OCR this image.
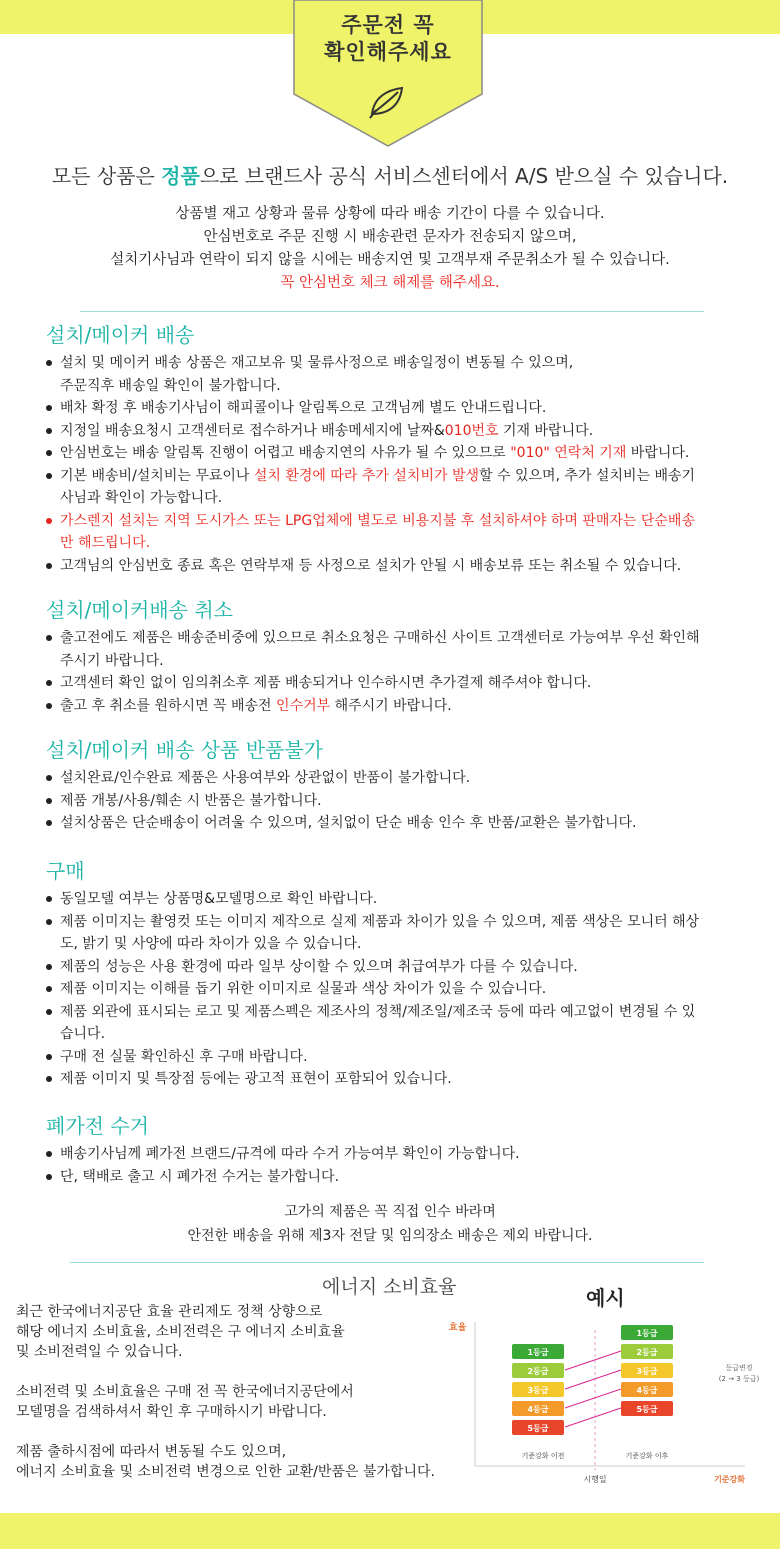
주문전 꼭
확인해주세요
모든 상품은 정품으로 브랜드사 공식 서비스센터에서 A/S 받으실 수 있습니다.
상품별 재고 상황과 물류 상황에 따라 배송 기간이 다를 수 있습니다.
안심번호로 주문 진행 시 배송관련 문자가 전송되지 않으며,
설치기사님과 연락이 되지 않을 시에는 배송지연 및 고객부재 주문취소가 될 수 있습니다.
꼭 안심번호 체크 해제를 해주세요.
설치/메이커 배송
설치 및 메이커 배송 상품은 재고보유 및 물류사정으로 배송일정이 변동될 수 있으며,
주문직후 배송일 확인이 불가합니다.
배차 확정 후 배송기사님이 해피콜이나 알림톡으로 고객님께 별도 안내드립니다.
지정일 배송요청시 고객센터로 접수하거나 배송메세지에 날짜&010번호 기재 바랍니다.
안심번호는 배송 알림톡 진행이 어렵고 배송지연의 사유가 될 수 있으므로 "010" 연락처 기재 바랍니다.
기본 배송비/설치비는 무료이나 설치 환경에 따라 추가 설치비가 발생할 수 있으며, 추가 설치비는 배송기
사님과 확인이 가능합니다.
가스렌지 설치는 지역 도시가스 또는 LPG업체에 별도로 비용지불 후 설치하셔야 하며 판매자는 단순배송
만 해드립니다.
고객님의 안심번호 종료 혹은 연락부재 등 사정으로 설치가 안될 시 배송보류 또는 취소될 수 있습니다.
설치/메이커배송 취소
출고전에도 제품은 배송준비중에 있으므로 취소요청은 구매하신 사이트 고객센터로 가능여부 우선 확인해
주시기 바랍니다.
고객센터 확인 없이 임의취소후 제품 배송되거나 인수하시면 추가결제 해주셔야 합니다.
출고 후 취소를 원하시면 꼭 배송전 인수거부 해주시기 바랍니다.
설치/메이커 배송 상품 반품불가
설치완료/인수완료 제품은 사용여부와 상관없이 반품이 불가합니다.
제품 개봉/사용/훼손 시 반품은 불가합니다.
설치상품은 단순배송이 어려울 수 있으며, 설치없이 단순 배송 인수 후 반품/교환은 불가합니다.
구매
동일모델 여부는 상품명&모델명으로 확인 바랍니다.
제품 이미지는 촬영컷 또는 이미지 제작으로 실제 제품과 차이가 있을 수 있으며, 제품 색상은 모니터 해상
도, 밝기 및 사양에 따라 차이가 있을 수 있습니다.
제품의 성능은 사용 환경에 따라 일부 상이할 수 있으며 취급여부가 다를 수 있습니다.
제품 이미지는 이해를 돕기 위한 이미지로 실물과 색상 차이가 있을 수 있습니다.
제품 외관에 표시되는 로고 및 제품스펙은 제조사의 정책/제조일/제조국 등에 따라 예고없이 변경될 수 있
습니다.
구매 전 실물 확인하신 후 구매 바랍니다.
제품 이미지 및 특장점 등에는 광고적 표현이 포함되어 있습니다.
폐가전 수거
배송기사님께 폐가전 브랜드/규격에 따라 수거 가능여부 확인이 가능합니다.
단, 택배로 출고 시 폐가전 수거는 불가합니다.
고가의 제품은 꼭 직접 인수 바라며
안전한 배송을 위해 제3자 전달 및 임의장소 배송은 제외 바랍니다.
에너지 소비효율

최근 한국에너지공단 효율 관리제도 정책 상향으로
해당 에너지 소비효율, 소비전력은 구 에너지 소비효율
및 소비전력일 수 있습니다.

소비전력 및 소비효율은 구매 전 꼭 한국에너지공단에서
모델명을 검색하셔서 확인 후 구매하시기 바랍니다.

제품 출하시점에 따라서 변동될 수도 있으며,
에너지 소비효율 및 소비전력 변경으로 인한 교환/반품은 불가합니다.

예시
효율
1등급
2등급
3등급
4등급
5등급
1등급
2등급
3등급
4등급
5등급
기준강화 이전	기준강화 이후
등급변경
(2 → 3 등급)
시행일	기준강화
